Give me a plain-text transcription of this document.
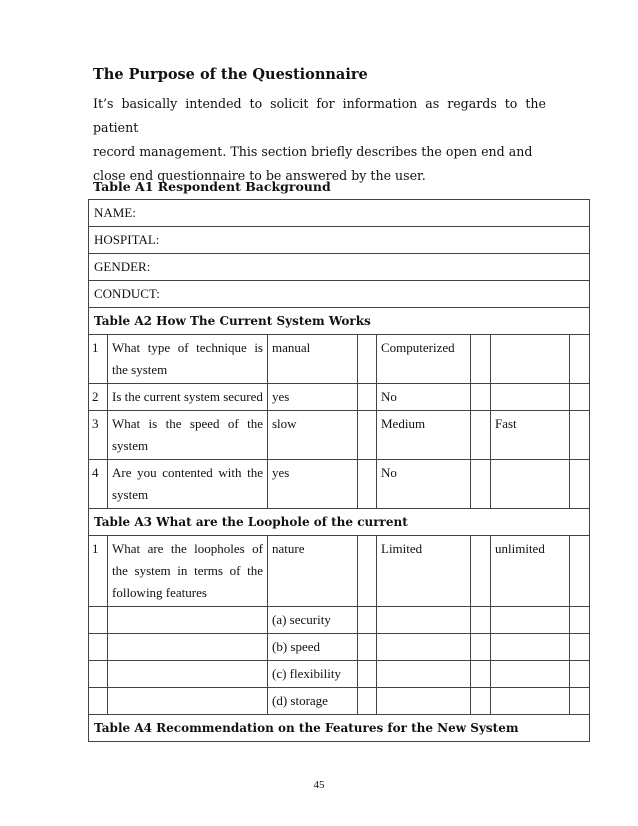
The Purpose of the Questionnaire
It’s basically intended to solicit for information as regards to the patient
record management. This section briefly describes the open end and
close end questionnaire to be answered by the user.
Table A1 Respondent Background
NAME:							
HOSPITAL:							
GENDER:							
CONDUCT:							
Table A2 How The Current System Works							
1	What type of technique is the system	manual		Computerized			
2	Is the current system secured	yes		No			
3	What is the speed of the system	slow		Medium		Fast	
4	Are you contented with the system	yes		No			
Table A3 What are the Loophole of the current							
1	What are the loopholes of the system in terms of the following features	nature		Limited		unlimited	
		(a) security					
		(b) speed					
		(c) flexibility					
		(d) storage					
Table A4 Recommendation on the Features for the New System							
45
